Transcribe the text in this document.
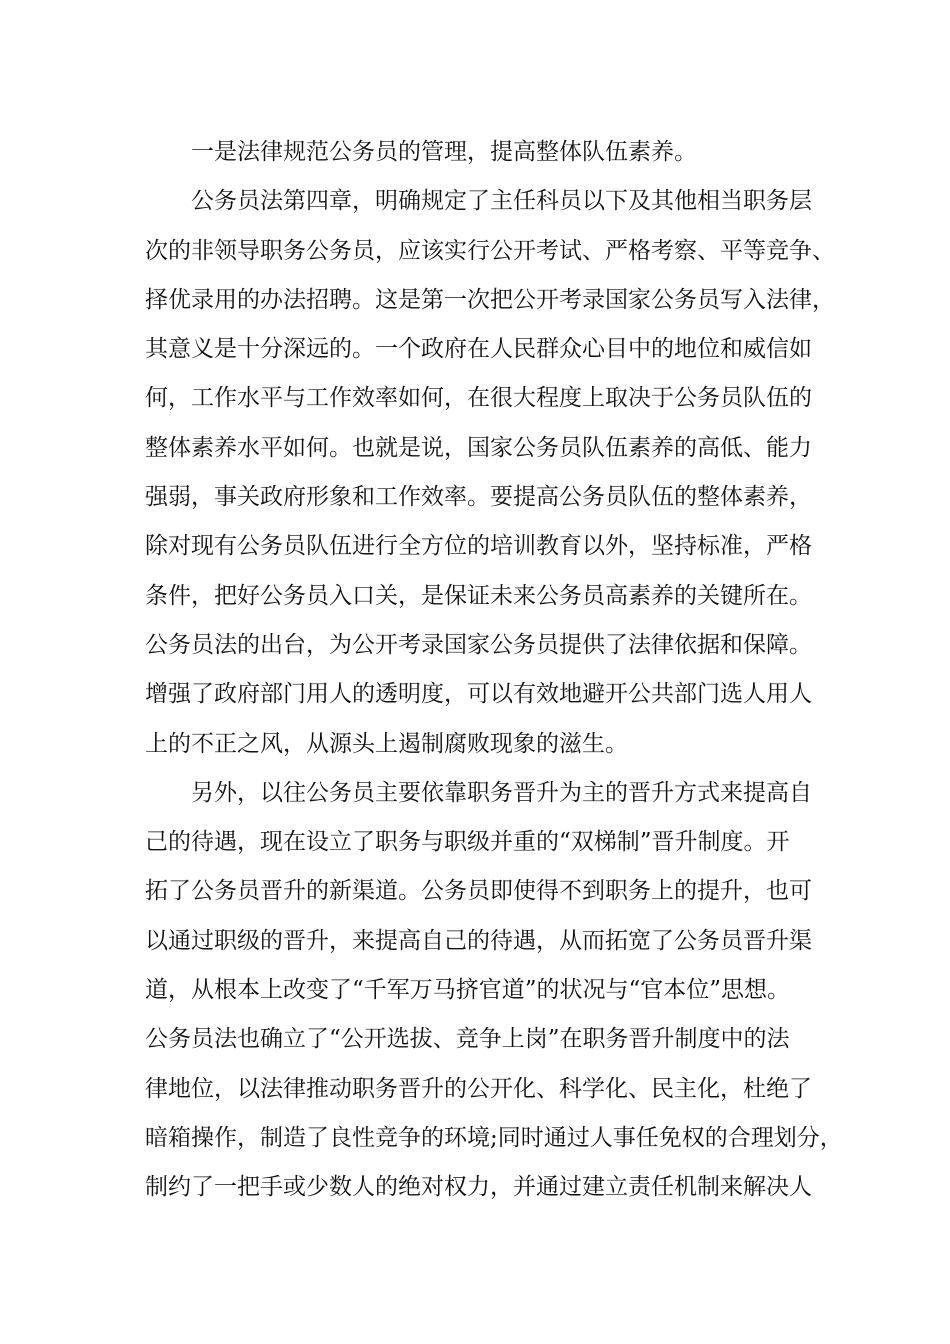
一是法律规范公务员的管理，提高整体队伍素养。
公务员法第四章，明确规定了主任科员以下及其他相当职务层
次的非领导职务公务员，应该实行公开考试、严格考察、平等竞争、
择优录用的办法招聘。这是第一次把公开考录国家公务员写入法律，
其意义是十分深远的。一个政府在人民群众心目中的地位和威信如
何，工作水平与工作效率如何，在很大程度上取决于公务员队伍的
整体素养水平如何。也就是说，国家公务员队伍素养的高低、能力
强弱，事关政府形象和工作效率。要提高公务员队伍的整体素养，
除对现有公务员队伍进行全方位的培训教育以外，坚持标准，严格
条件，把好公务员入口关，是保证未来公务员高素养的关键所在。
公务员法的出台，为公开考录国家公务员提供了法律依据和保障。
增强了政府部门用人的透明度，可以有效地避开公共部门选人用人
上的不正之风，从源头上遏制腐败现象的滋生。
另外，以往公务员主要依靠职务晋升为主的晋升方式来提高自
己的待遇，现在设立了职务与职级并重的“双梯制”晋升制度。开
拓了公务员晋升的新渠道。公务员即使得不到职务上的提升，也可
以通过职级的晋升，来提高自己的待遇，从而拓宽了公务员晋升渠
道，从根本上改变了“千军万马挤官道”的状况与“官本位”思想。
公务员法也确立了“公开选拔、竞争上岗”在职务晋升制度中的法
律地位，以法律推动职务晋升的公开化、科学化、民主化，杜绝了
暗箱操作，制造了良性竞争的环境;同时通过人事任免权的合理划分，
制约了一把手或少数人的绝对权力，并通过建立责任机制来解决人
